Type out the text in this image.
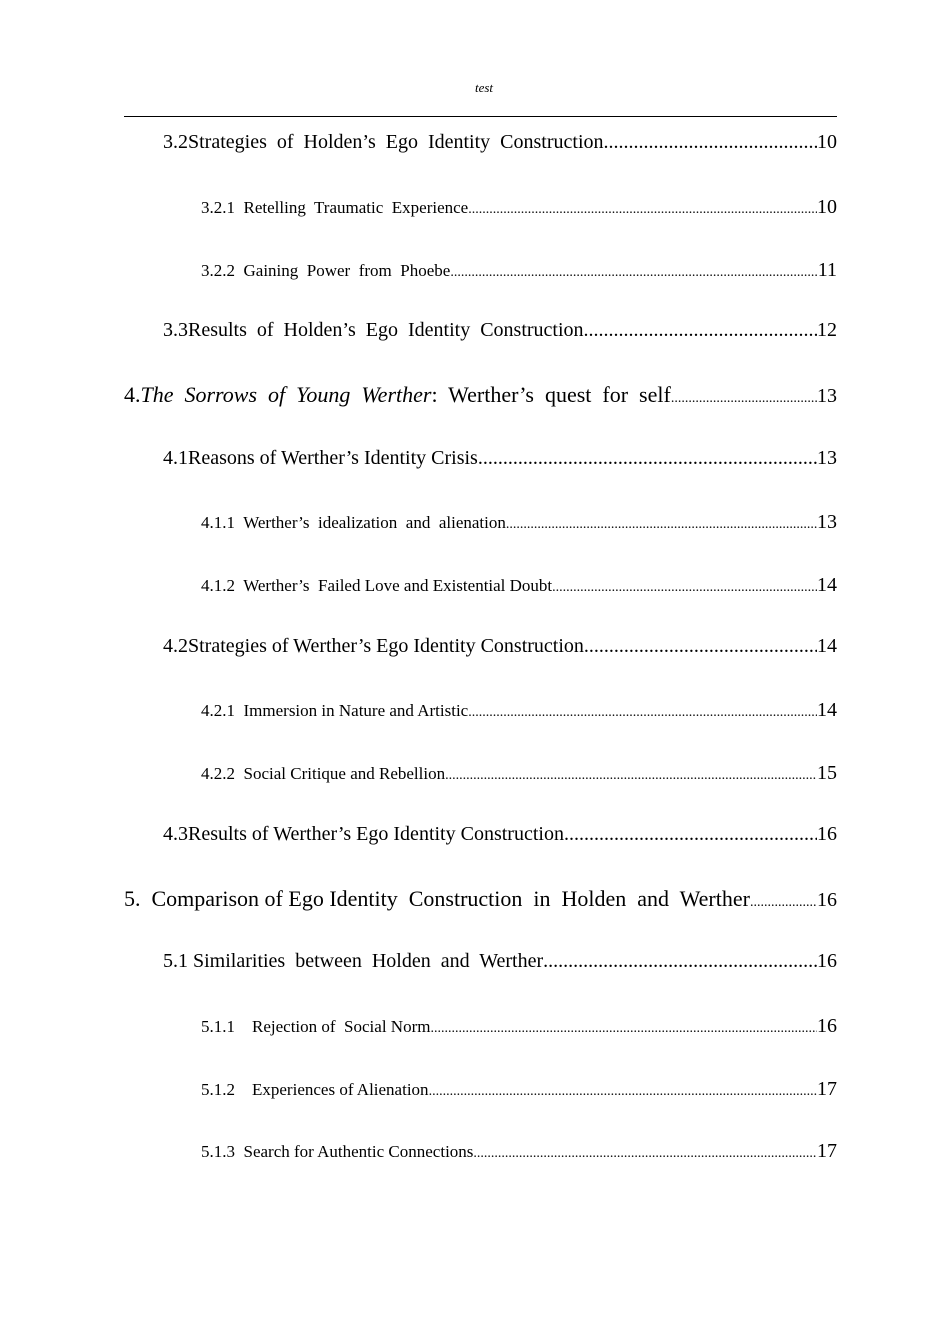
test
3.2Strategies  of  Holden’s  Ego  Identity  Construction .....	10
3.2.1  Retelling  Traumatic  Experience .....	10
3.2.2  Gaining  Power  from  Phoebe .....	11
3.3Results  of  Holden’s  Ego  Identity  Construction .....	12
4.The  Sorrows  of  Young  Werther:  Werther’s  quest  for  self .....	13
4.1Reasons of Werther’s Identity Crisis .....	13
4.1.1  Werther’s  idealization  and  alienation .....	13
4.1.2  Werther’s  Failed Love and Existential Doubt .....	14
4.2Strategies of Werther’s Ego Identity Construction .....	14
4.2.1  Immersion in Nature and Artistic .....	14
4.2.2  Social Critique and Rebellion .....	15
4.3Results of Werther’s Ego Identity Construction .....	16
5.  Comparison of Ego Identity  Construction  in  Holden  and  Werther .....	16
5.1 Similarities  between  Holden  and  Werther .....	16
5.1.1    Rejection of  Social Norm .....	16
5.1.2    Experiences of Alienation .....	17
5.1.3  Search for Authentic Connections .....	17
